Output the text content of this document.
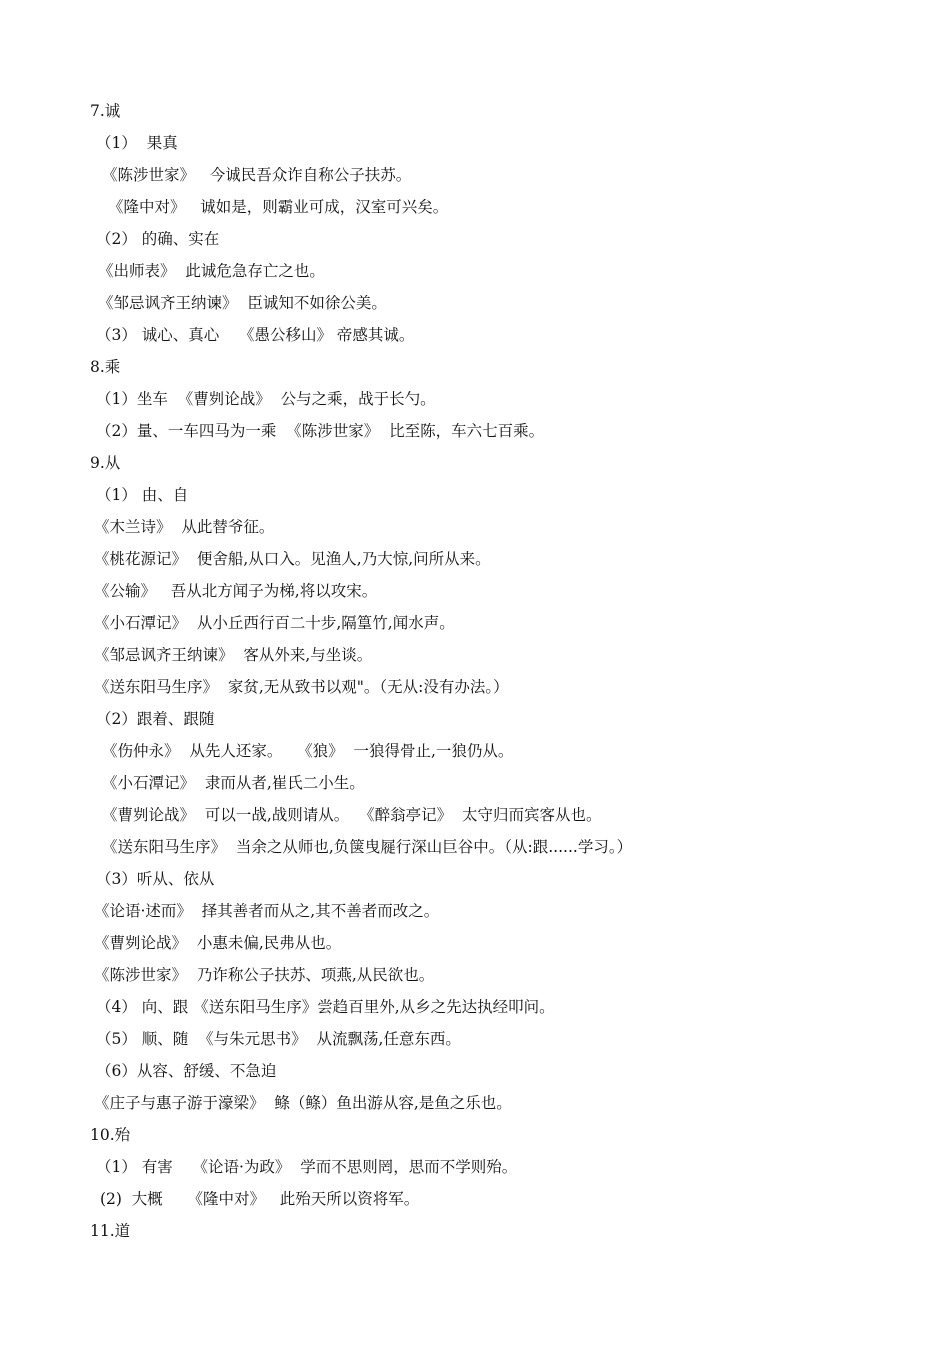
7.诚
（1）  果真
《陈涉世家》   今诚民吾众诈自称公子扶苏。
《隆中对》   诚如是，则霸业可成，汉室可兴矣。
（2） 的确、实在
《出师表》  此诚危急存亡之也。
《邹忌讽齐王纳谏》  臣诚知不如徐公美。
（3） 诚心、真心    《愚公移山》 帝感其诚。
8.乘
（1）坐车  《曹刿论战》  公与之乘，战于长勺。
（2）量、一车四马为一乘  《陈涉世家》  比至陈，车六七百乘。
9.从
（1） 由、自
《木兰诗》  从此替爷征。
《桃花源记》  便舍船,从口入。见渔人,乃大惊,问所从来。
《公输》   吾从北方闻子为梯,将以攻宋。
《小石潭记》  从小丘西行百二十步,隔篁竹,闻水声。
《邹忌讽齐王纳谏》  客从外来,与坐谈。
《送东阳马生序》  家贫,无从致书以观"。（无从:没有办法。）
（2）跟着、跟随
《伤仲永》  从先人还家。   《狼》  一狼得骨止,一狼仍从。
《小石潭记》  隶而从者,崔氏二小生。
《曹刿论战》  可以一战,战则请从。  《醉翁亭记》  太守归而宾客从也。
《送东阳马生序》  当余之从师也,负箧曳屣行深山巨谷中。（从:跟......学习。）
（3）听从、依从
《论语·述而》  择其善者而从之,其不善者而改之。
《曹刿论战》  小惠未偏,民弗从也。
《陈涉世家》  乃诈称公子扶苏、项燕,从民欲也。
（4） 向、跟 《送东阳马生序》尝趋百里外,从乡之先达执经叩问。
（5） 顺、随  《与朱元思书》  从流飘荡,任意东西。
（6）从容、舒缓、不急迫
《庄子与惠子游于濠梁》  鲦（鲦）鱼出游从容,是鱼之乐也。
10.殆
（1） 有害    《论语·为政》  学而不思则罔，思而不学则殆。
(2)  大概     《隆中对》   此殆天所以资将军。
11.道
